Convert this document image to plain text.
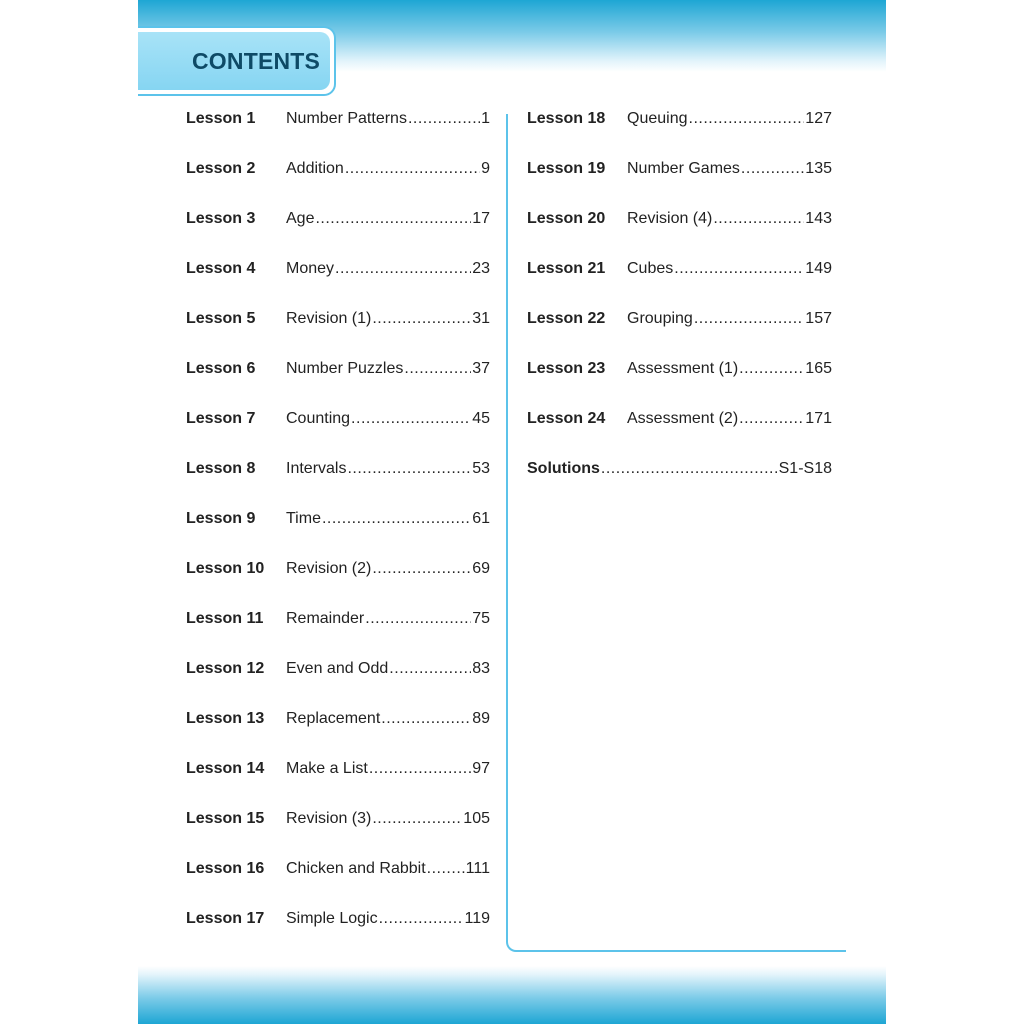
CONTENTS
Lesson 1	Number Patterns .....	1
Lesson 2	Addition .....	9
Lesson 3	Age .....	17
Lesson 4	Money .....	23
Lesson 5	Revision (1) .....	31
Lesson 6	Number Puzzles .....	37
Lesson 7	Counting .....	45
Lesson 8	Intervals .....	53
Lesson 9	Time .....	61
Lesson 10	Revision (2) .....	69
Lesson 11	Remainder .....	75
Lesson 12	Even and Odd .....	83
Lesson 13	Replacement .....	89
Lesson 14	Make a List .....	97
Lesson 15	Revision (3) .....	105
Lesson 16	Chicken and Rabbit .....	111
Lesson 17	Simple Logic .....	119
Lesson 18	Queuing .....	127
Lesson 19	Number Games .....	135
Lesson 20	Revision (4) .....	143
Lesson 21	Cubes .....	149
Lesson 22	Grouping .....	157
Lesson 23	Assessment (1) .....	165
Lesson 24	Assessment (2) .....	171
Solutions .....	S1-S18
